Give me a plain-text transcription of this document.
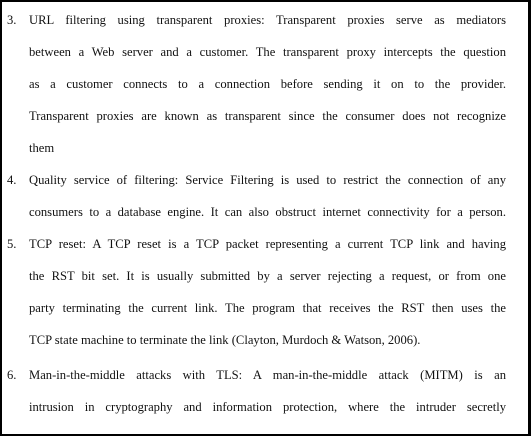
3. URL filtering using transparent proxies: Transparent proxies serve as mediators
between a Web server and a customer. The transparent proxy intercepts the question
as a customer connects to a connection before sending it on to the provider.
Transparent proxies are known as transparent since the consumer does not recognize
them
4. Quality service of filtering: Service Filtering is used to restrict the connection of any
consumers to a database engine. It can also obstruct internet connectivity for a person.
5. TCP reset: A TCP reset is a TCP packet representing a current TCP link and having
the RST bit set. It is usually submitted by a server rejecting a request, or from one
party terminating the current link. The program that receives the RST then uses the
TCP state machine to terminate the link (Clayton, Murdoch & Watson, 2006).
6. Man-in-the-middle attacks with TLS: A man-in-the-middle attack (MITM) is an
intrusion in cryptography and information protection, where the intruder secretly
